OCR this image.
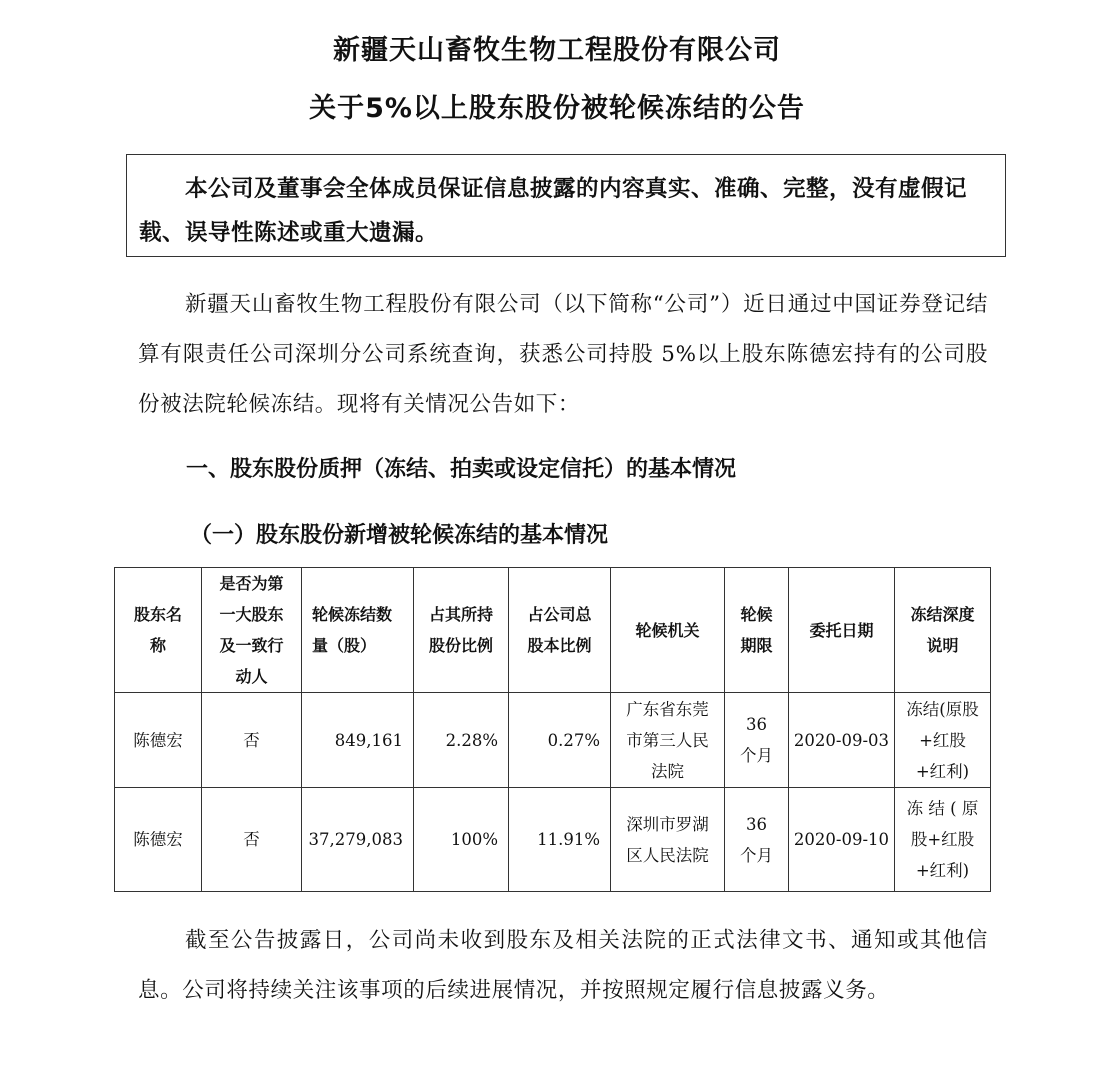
新疆天山畜牧生物工程股份有限公司
关于5%以上股东股份被轮候冻结的公告
本公司及董事会全体成员保证信息披露的内容真实、准确、完整，没有虚假记载、误导性陈述或重大遗漏。
新疆天山畜牧生物工程股份有限公司（以下简称“公司”）近日通过中国证券登记结算有限责任公司深圳分公司系统查询，获悉公司持股 5%以上股东陈德宏持有的公司股份被法院轮候冻结。现将有关情况公告如下：
一、股东股份质押（冻结、拍卖或设定信托）的基本情况
（一）股东股份新增被轮候冻结的基本情况
股东名称	是否为第一大股东及一致行动人	轮候冻结数量（股）	占其所持股份比例	占公司总股本比例	轮候机关	轮候期限	委托日期	冻结深度说明
陈德宏	否	849,161	2.28%	0.27%	广东省东莞市第三人民法院	36 个月	2020-09-03	冻结(原股+红股+红利)
陈德宏	否	37,279,083	100%	11.91%	深圳市罗湖区人民法院	36 个月	2020-09-10	冻 结 ( 原股+红股+红利)
截至公告披露日，公司尚未收到股东及相关法院的正式法律文书、通知或其他信息。公司将持续关注该事项的后续进展情况，并按照规定履行信息披露义务。
